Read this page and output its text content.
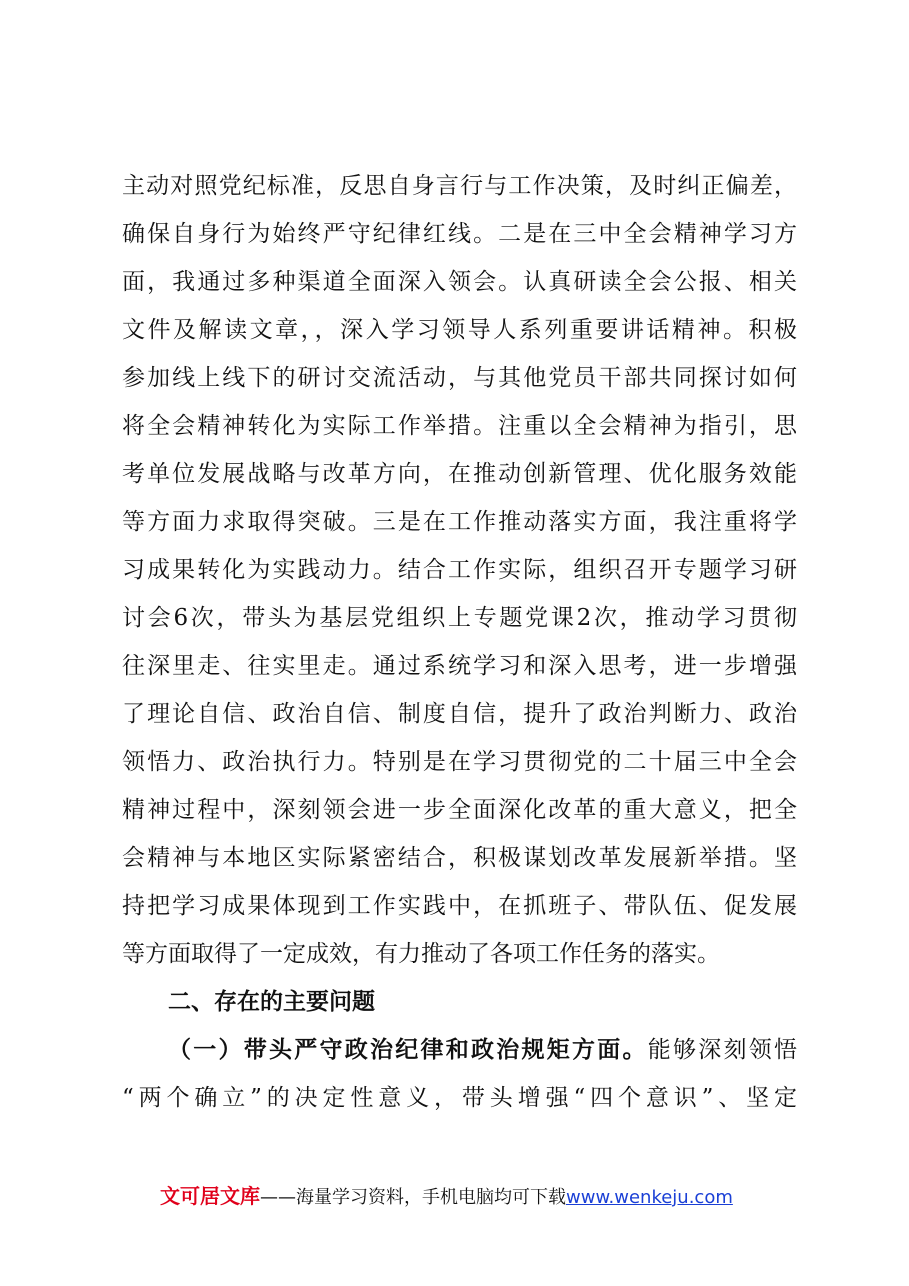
主动对照党纪标准，反思自身言行与工作决策，及时纠正偏差，
确保自身行为始终严守纪律红线。二是在三中全会精神学习方
面，我通过多种渠道全面深入领会。认真研读全会公报、相关
文件及解读文章，，深入学习领导人系列重要讲话精神。积极
参加线上线下的研讨交流活动，与其他党员干部共同探讨如何
将全会精神转化为实际工作举措。注重以全会精神为指引，思
考单位发展战略与改革方向，在推动创新管理、优化服务效能
等方面力求取得突破。三是在工作推动落实方面，我注重将学
习成果转化为实践动力。结合工作实际，组织召开专题学习研
讨会6次，带头为基层党组织上专题党课2次，推动学习贯彻
往深里走、往实里走。通过系统学习和深入思考，进一步增强
了理论自信、政治自信、制度自信，提升了政治判断力、政治
领悟力、政治执行力。特别是在学习贯彻党的二十届三中全会
精神过程中，深刻领会进一步全面深化改革的重大意义，把全
会精神与本地区实际紧密结合，积极谋划改革发展新举措。坚
持把学习成果体现到工作实践中，在抓班子、带队伍、促发展
等方面取得了一定成效，有力推动了各项工作任务的落实。
二、存在的主要问题
（一）带头严守政治纪律和政治规矩方面。能够深刻领悟
“两个确立”的决定性意义，带头增强“四个意识”、坚定
文可居文库——海量学习资料，手机电脑均可下载www.wenkeju.com
